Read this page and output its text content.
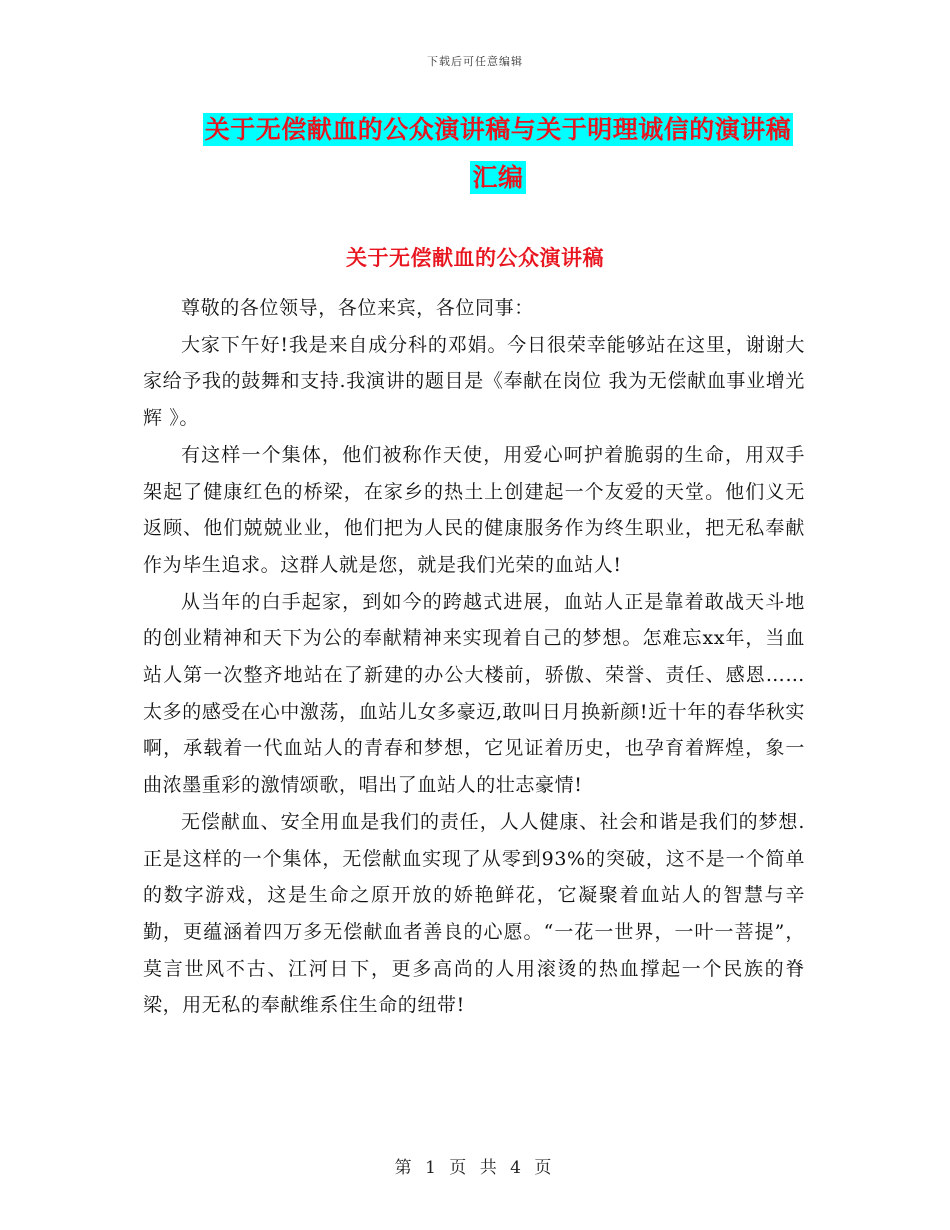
下载后可任意编辑
关于无偿献血的公众演讲稿与关于明理诚信的演讲稿
汇编
关于无偿献血的公众演讲稿

尊敬的各位领导，各位来宾，各位同事：

大家下午好!我是来自成分科的邓娟。今日很荣幸能够站在这里，谢谢大家给予我的鼓舞和支持.我演讲的题目是《奉献在岗位 我为无偿献血事业增光辉 》。

有这样一个集体，他们被称作天使，用爱心呵护着脆弱的生命，用双手架起了健康红色的桥梁，在家乡的热土上创建起一个友爱的天堂。他们义无返顾、他们兢兢业业，他们把为人民的健康服务作为终生职业，把无私奉献作为毕生追求。这群人就是您，就是我们光荣的血站人!

从当年的白手起家，到如今的跨越式进展，血站人正是靠着敢战天斗地的创业精神和天下为公的奉献精神来实现着自己的梦想。怎难忘xx年，当血站人第一次整齐地站在了新建的办公大楼前，骄傲、荣誉、责任、感恩……太多的感受在心中激荡，血站儿女多豪迈,敢叫日月换新颜!近十年的春华秋实啊，承载着一代血站人的青春和梦想，它见证着历史，也孕育着辉煌，象一曲浓墨重彩的激情颂歌，唱出了血站人的壮志豪情!

无偿献血、安全用血是我们的责任，人人健康、社会和谐是我们的梦想.正是这样的一个集体，无偿献血实现了从零到93%的突破，这不是一个简单的数字游戏，这是生命之原开放的娇艳鲜花，它凝聚着血站人的智慧与辛勤，更蕴涵着四万多无偿献血者善良的心愿。“一花一世界，一叶一菩提”，莫言世风不古、江河日下，更多高尚的人用滚烫的热血撑起一个民族的脊梁，用无私的奉献维系住生命的纽带!

第 1 页 共 4 页
